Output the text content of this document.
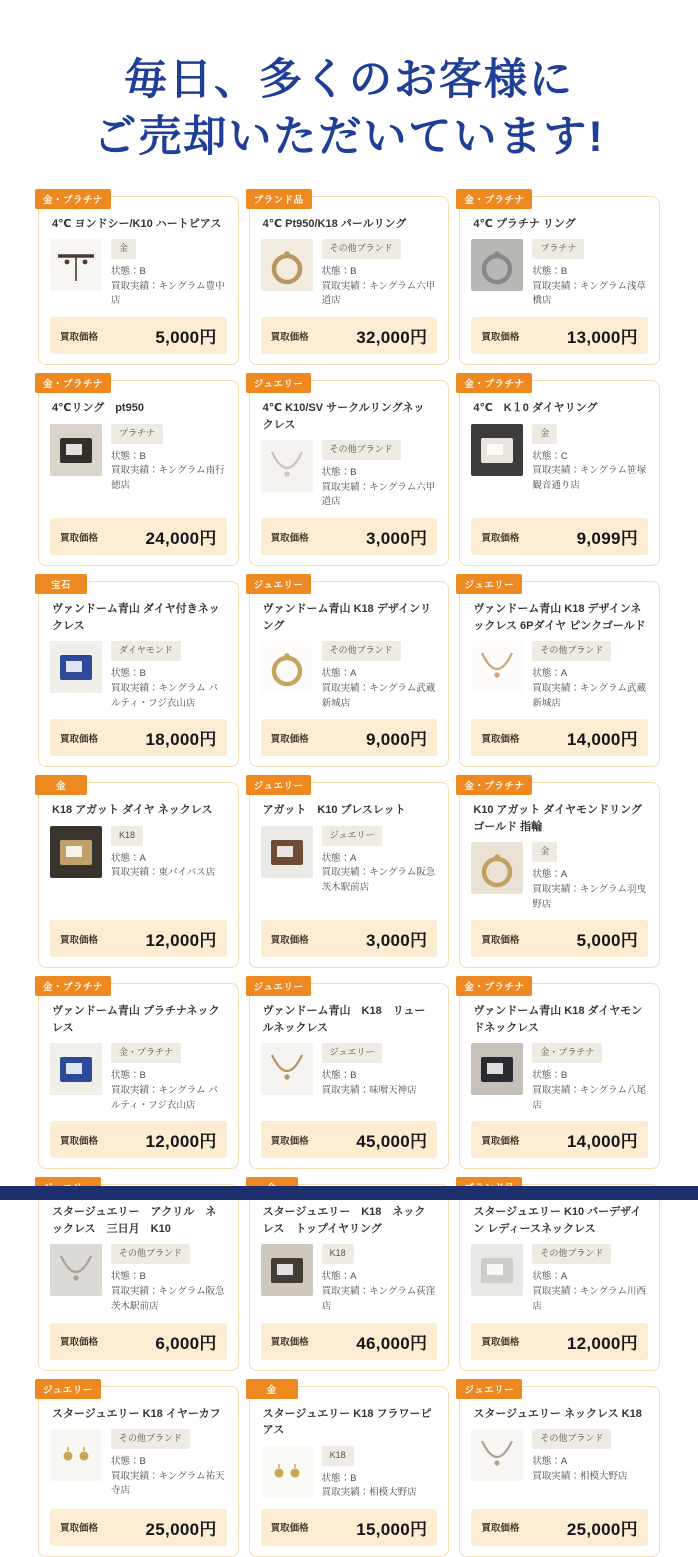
毎日、多くのお客様に
ご売却いただいています!
金・プラチナ
4℃ ヨンドシー/K10 ハートピアス
金
状態：B
買取実績：キングラム豊中店
買取価格	5,000円
ブランド品
4℃ Pt950/K18 パールリング
その他ブランド
状態：B
買取実績：キングラム六甲道店
買取価格	32,000円
金・プラチナ
4℃ プラチナ リング
プラチナ
状態：B
買取実績：キングラム浅草橋店
買取価格	13,000円
金・プラチナ
4℃リング　pt950
プラチナ
状態：B
買取実績：キングラム南行徳店
買取価格	24,000円
ジュエリー
4℃ K10/SV サークルリングネックレス
その他ブランド
状態：B
買取実績：キングラム六甲道店
買取価格	3,000円
金・プラチナ
4℃　K１0 ダイヤリング
金
状態：C
買取実績：キングラム笹塚観音通り店
買取価格	9,099円
宝石
ヴァンドーム青山 ダイヤ付きネックレス
ダイヤモンド
状態：B
買取実績：キングラム パルティ・フジ衣山店
買取価格	18,000円
ジュエリー
ヴァンドーム青山 K18 デザインリング
その他ブランド
状態：A
買取実績：キングラム武蔵新城店
買取価格	9,000円
ジュエリー
ヴァンドーム青山 K18 デザインネックレス 6Pダイヤ ピンクゴールド
その他ブランド
状態：A
買取実績：キングラム武蔵新城店
買取価格	14,000円
金
K18 アガット ダイヤ ネックレス
K18
状態：A
買取実績：東バイパス店
買取価格	12,000円
ジュエリー
アガット　K10 ブレスレット
ジュエリー
状態：A
買取実績：キングラム阪急茨木駅前店
買取価格	3,000円
金・プラチナ
K10 アガット ダイヤモンドリング ゴールド 指輪
金
状態：A
買取実績：キングラム羽曳野店
買取価格	5,000円
金・プラチナ
ヴァンドーム青山 プラチナネックレス
金・プラチナ
状態：B
買取実績：キングラム パルティ・フジ衣山店
買取価格	12,000円
ジュエリー
ヴァンドーム青山　K18　リュールネックレス
ジュエリー
状態：B
買取実績：味噌天神店
買取価格	45,000円
金・プラチナ
ヴァンドーム青山 K18 ダイヤモンドネックレス
金・プラチナ
状態：B
買取実績：キングラム八尾店
買取価格	14,000円
スタージュエリー　アクリル　ネックレス　三日月　K10
その他ブランド
状態：B
買取実績：キングラム阪急茨木駅前店
買取価格	6,000円
スタージュエリー　K18　ネックレス　トップイヤリング
K18
状態：A
買取実績：キングラム荻窪店
買取価格	46,000円
スタージュエリー K10 バーデザイン レディースネックレス
その他ブランド
状態：A
買取実績：キングラム川西店
買取価格	12,000円
ジュエリー
スタージュエリー K18 イヤーカフ
その他ブランド
状態：B
買取実績：キングラム祐天寺店
買取価格	25,000円
金
スタージュエリー K18 フラワーピアス
K18
状態：B
買取実績：相模大野店
買取価格	15,000円
ジュエリー
スタージュエリー ネックレス K18
その他ブランド
状態：A
買取実績：相模大野店
買取価格	25,000円
